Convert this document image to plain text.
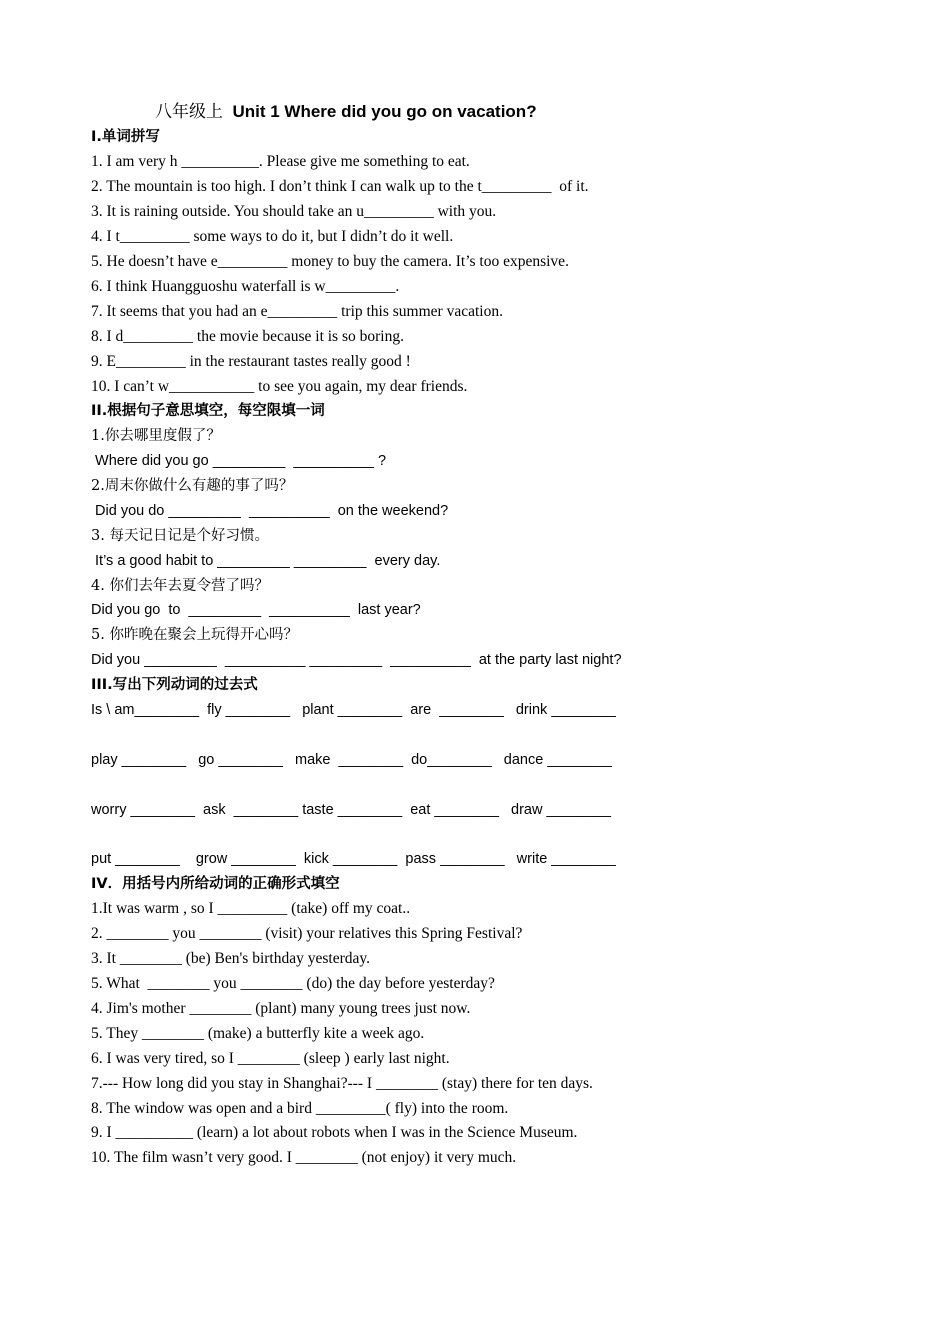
八年级上 Unit 1 Where did you go on vacation?
I.单词拼写
1. I am very h __________. Please give me something to eat.
2. The mountain is too high. I don’t think I can walk up to the t_________  of it.
3. It is raining outside. You should take an u_________ with you.
4. I t_________ some ways to do it, but I didn’t do it well.
5. He doesn’t have e_________ money to buy the camera. It’s too expensive.
6. I think Huangguoshu waterfall is w_________.
7. It seems that you had an e_________ trip this summer vacation.
8. I d_________ the movie because it is so boring.
9. E_________ in the restaurant tastes really good !
10. I can’t w___________ to see you again, my dear friends.
II.根据句子意思填空，每空限填一词
1.你去哪里度假了？
Where did you go _________  __________ ?
2.周末你做什么有趣的事了吗？
Did you do _________  __________  on the weekend?
3. 每天记日记是个好习惯。
It’s a good habit to _________ _________  every day.
4. 你们去年去夏令营了吗？
Did you go  to  _________  __________  last year?
5. 你昨晚在聚会上玩得开心吗？
Did you _________  __________ _________  __________  at the party last night?
III.写出下列动词的过去式
Is \ am________  fly ________   plant ________  are  ________   drink ________
play ________   go ________   make  ________  do________   dance ________
worry ________  ask  ________ taste ________  eat ________   draw ________
put ________    grow ________  kick ________  pass ________   write ________
IV．用括号内所给动词的正确形式填空
1.It was warm , so I _________ (take) off my coat..
2. ________ you ________ (visit) your relatives this Spring Festival?
3. It ________ (be) Ben's birthday yesterday.
5. What  ________ you ________ (do) the day before yesterday?
4. Jim's mother ________ (plant) many young trees just now.
5. They ________ (make) a butterfly kite a week ago.
6. I was very tired, so I ________ (sleep ) early last night.
7.--- How long did you stay in Shanghai?--- I ________ (stay) there for ten days.
8. The window was open and a bird _________( fly) into the room.
9. I __________ (learn) a lot about robots when I was in the Science Museum.
10. The film wasn’t very good. I ________ (not enjoy) it very much.
